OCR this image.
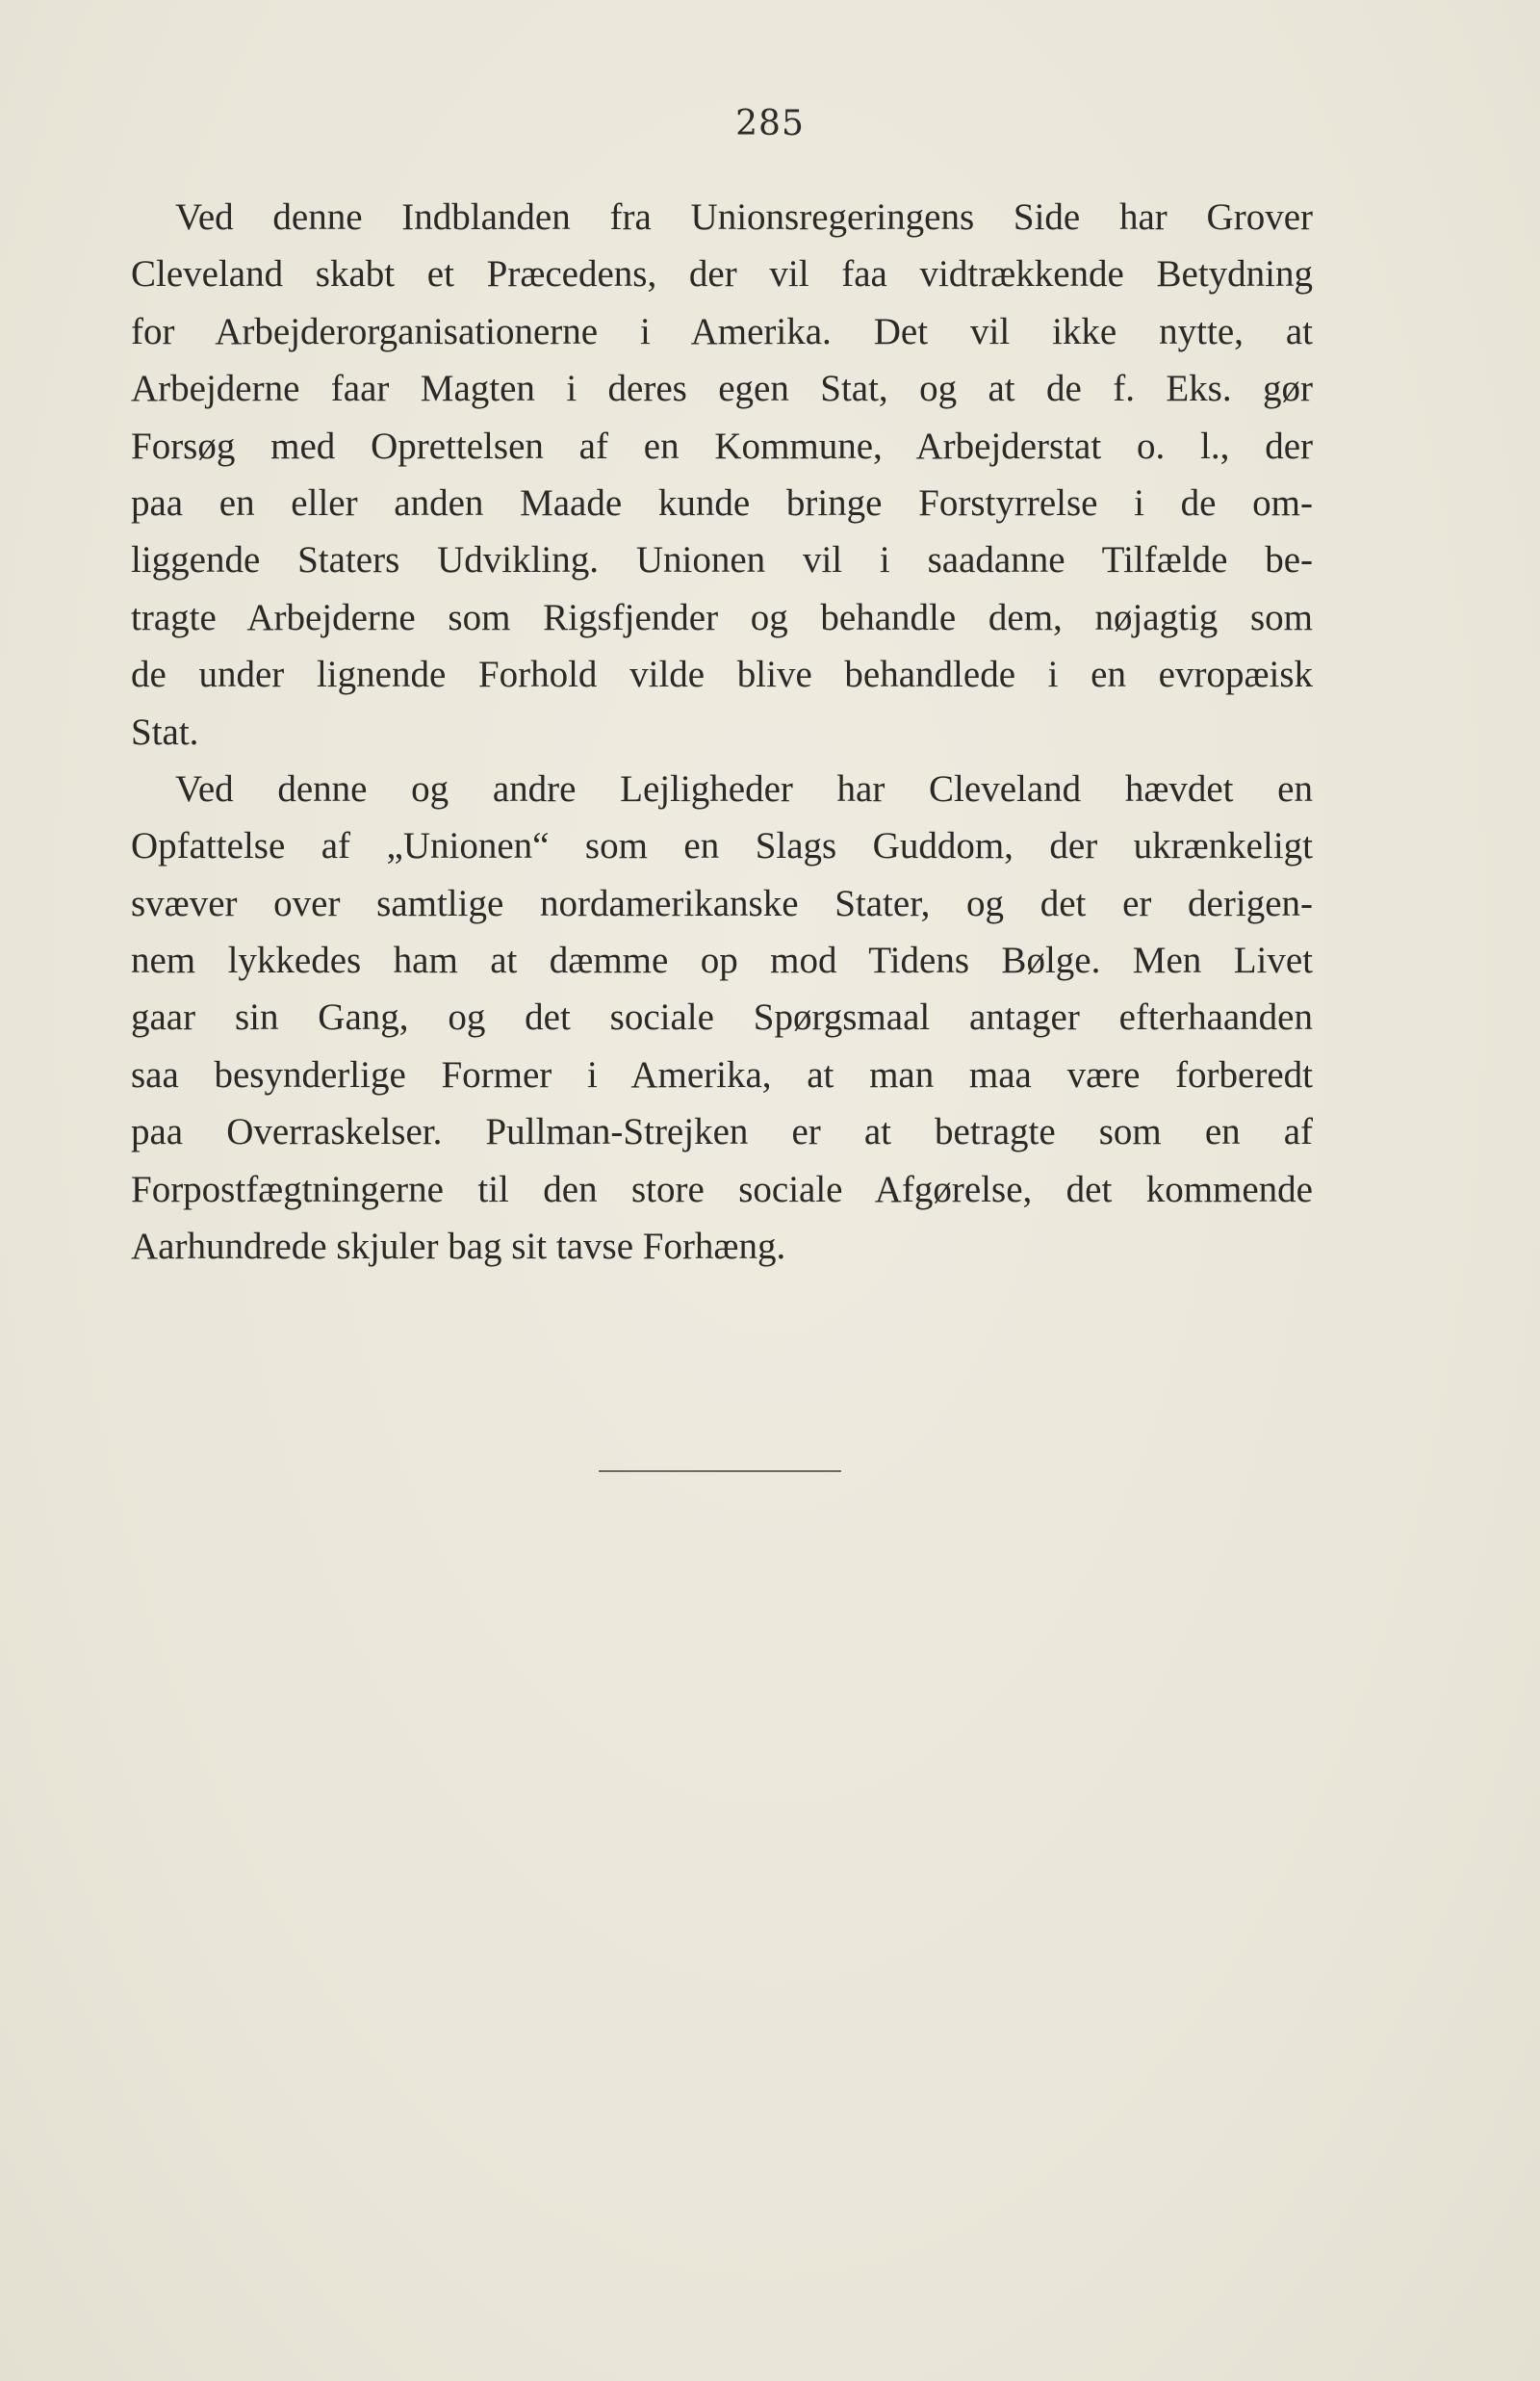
285

Ved denne Indblanden fra Unionsregeringens Side har Grover
Cleveland skabt et Præcedens, der vil faa vidtrækkende Betydning
for Arbejderorganisationerne i Amerika. Det vil ikke nytte, at
Arbejderne faar Magten i deres egen Stat, og at de f. Eks. gør
Forsøg med Oprettelsen af en Kommune, Arbejderstat o. l., der
paa en eller anden Maade kunde bringe Forstyrrelse i de om-
liggende Staters Udvikling. Unionen vil i saadanne Tilfælde be-
tragte Arbejderne som Rigsfjender og behandle dem, nøjagtig som
de under lignende Forhold vilde blive behandlede i en evropæisk
Stat.

Ved denne og andre Lejligheder har Cleveland hævdet en
Opfattelse af „Unionen“ som en Slags Guddom, der ukrænkeligt
svæver over samtlige nordamerikanske Stater, og det er derigen-
nem lykkedes ham at dæmme op mod Tidens Bølge. Men Livet
gaar sin Gang, og det sociale Spørgsmaal antager efterhaanden
saa besynderlige Former i Amerika, at man maa være forberedt
paa Overraskelser. Pullman-Strejken er at betragte som en af
Forpostfægtningerne til den store sociale Afgørelse, det kommende
Aarhundrede skjuler bag sit tavse Forhæng.
